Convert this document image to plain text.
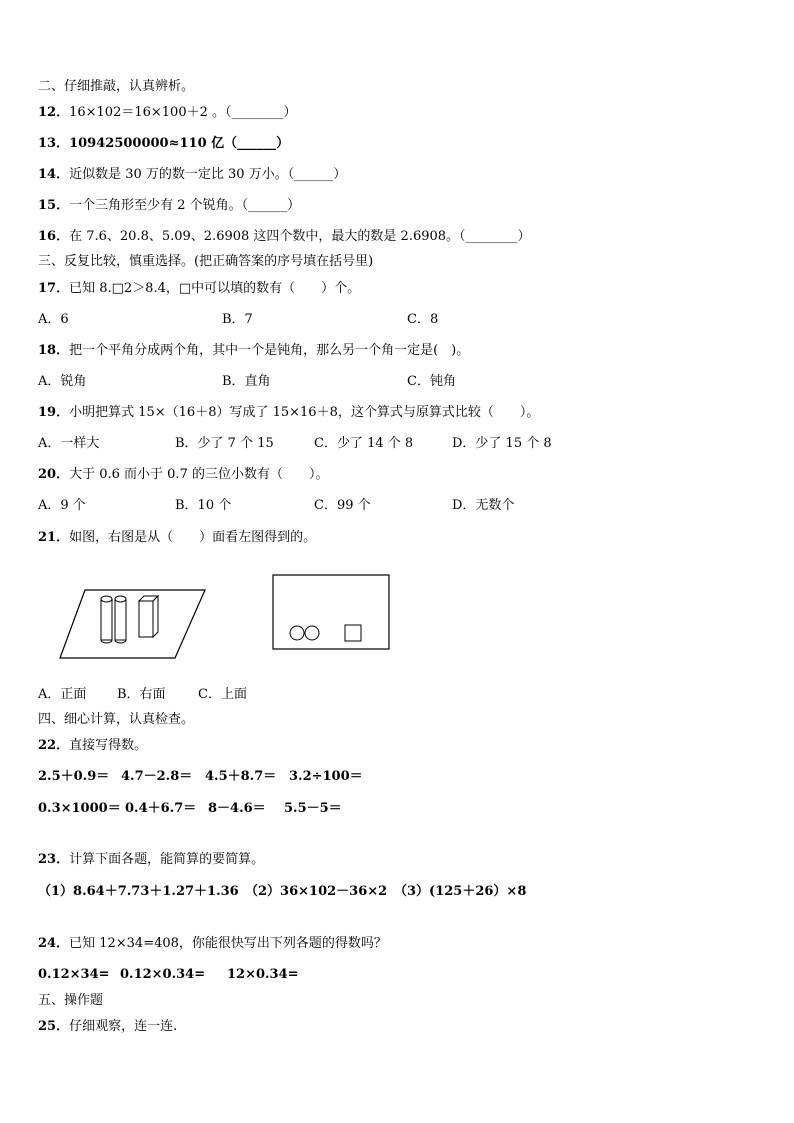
二、仔细推敲，认真辨析。
12．16×102＝16×100＋2 。（________）
13．10942500000≈110 亿（______）
14．近似数是 30 万的数一定比 30 万小。（______）
15．一个三角形至少有 2 个锐角。（______）
16．在 7.6、20.8、5.09、2.6908 这四个数中，最大的数是 2.6908。（________）
三、反复比较，慎重选择。(把正确答案的序号填在括号里)
17．已知 8.□2＞8.4，□中可以填的数有（　　）个。
A．6	B．7	C．8
18．把一个平角分成两个角，其中一个是钝角，那么另一个角一定是(　)。
A．锐角	B．直角	C．钝角
19．小明把算式 15×（16＋8）写成了 15×16＋8，这个算式与原算式比较（　　）。
A．一样大	B．少了 7 个 15	C．少了 14 个 8	D．少了 15 个 8
20．大于 0.6 而小于 0.7 的三位小数有（　　）。
A．9 个	B．10 个	C．99 个	D．无数个
21．如图，右图是从（　　）面看左图得到的。
A．正面 B．右面 C．上面
四、细心计算，认真检查。
22．直接写得数。
2.5＋0.9＝ 4.7－2.8＝ 4.5＋8.7＝ 3.2÷100＝
0.3×1000＝ 0.4＋6.7＝ 8－4.6＝ 5.5－5＝
23．计算下面各题，能简算的要简算。
（1）8.64＋7.73＋1.27＋1.36 （2）36×102－36×2 （3）(125＋26）×8
24．已知 12×34=408，你能很快写出下列各题的得数吗？
0.12×34= 0.12×0.34= 12×0.34=
五、操作题
25．仔细观察，连一连.
